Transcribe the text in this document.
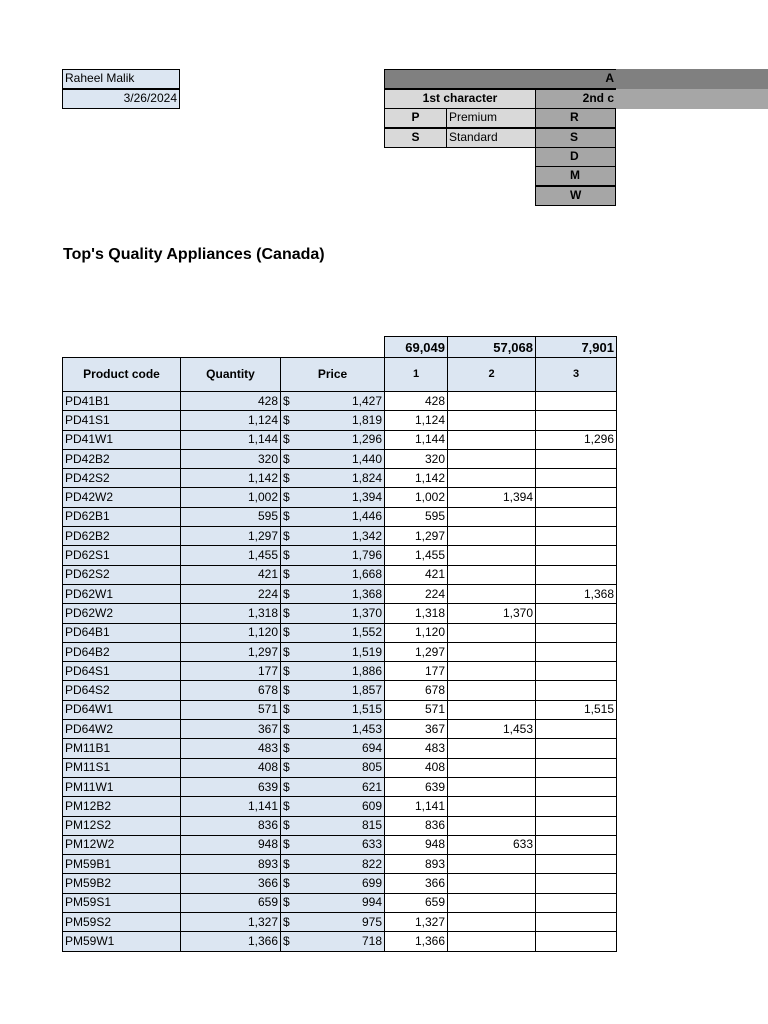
Raheel Malik
3/26/2024
A
1st character	2nd c
P	Premium
S	Standard
R
S
D
M
W
Top's Quality Appliances (Canada)
			69,049	57,068	7,901
Product code	Quantity	Price	1	2	3
PD41B1	428	$ 1,427	428		
PD41S1	1,124	$ 1,819	1,124		
PD41W1	1,144	$ 1,296	1,144		1,296
PD42B2	320	$ 1,440	320		
PD42S2	1,142	$ 1,824	1,142		
PD42W2	1,002	$ 1,394	1,002	1,394	
PD62B1	595	$ 1,446	595		
PD62B2	1,297	$ 1,342	1,297		
PD62S1	1,455	$ 1,796	1,455		
PD62S2	421	$ 1,668	421		
PD62W1	224	$ 1,368	224		1,368
PD62W2	1,318	$ 1,370	1,318	1,370	
PD64B1	1,120	$ 1,552	1,120		
PD64B2	1,297	$ 1,519	1,297		
PD64S1	177	$ 1,886	177		
PD64S2	678	$ 1,857	678		
PD64W1	571	$ 1,515	571		1,515
PD64W2	367	$ 1,453	367	1,453	
PM11B1	483	$ 694	483		
PM11S1	408	$ 805	408		
PM11W1	639	$ 621	639		
PM12B2	1,141	$ 609	1,141		
PM12S2	836	$ 815	836		
PM12W2	948	$ 633	948	633	
PM59B1	893	$ 822	893		
PM59B2	366	$ 699	366		
PM59S1	659	$ 994	659		
PM59S2	1,327	$ 975	1,327		
PM59W1	1,366	$ 718	1,366		
